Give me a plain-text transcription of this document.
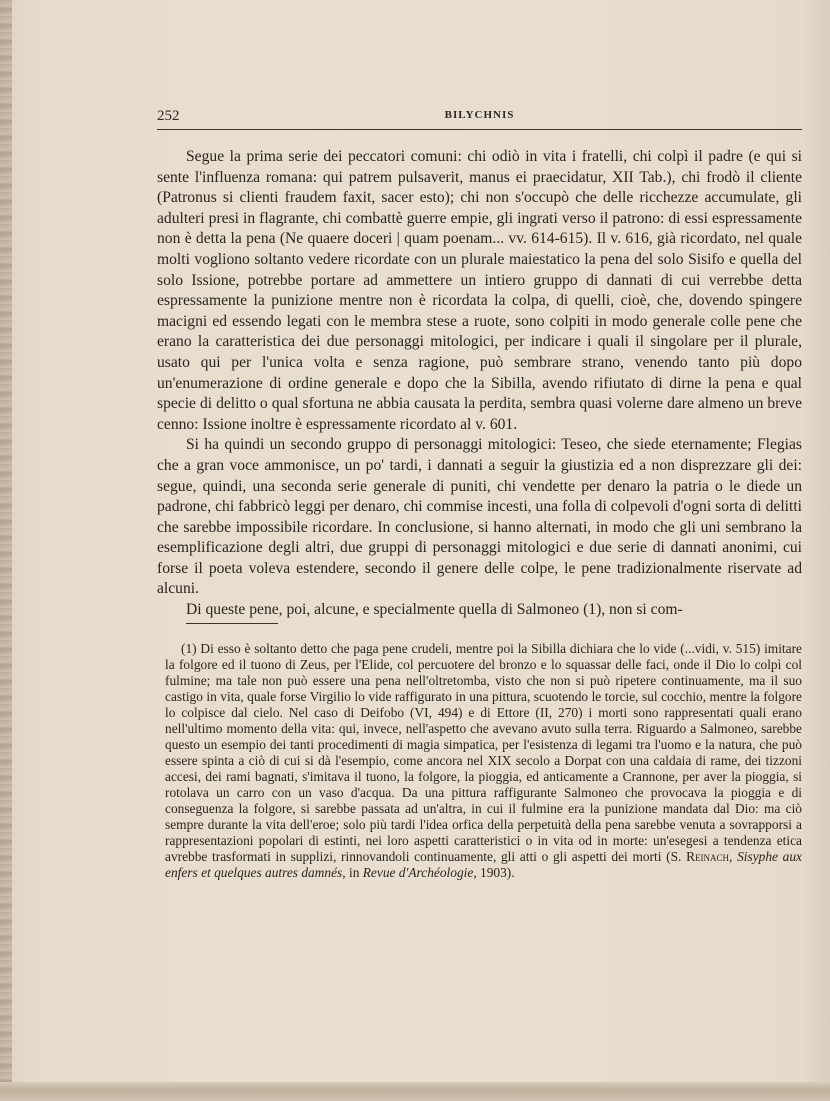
252	BILYCHNIS

Segue la prima serie dei peccatori comuni: chi odiò in vita i fratelli, chi colpì il padre (e qui si sente l'influenza romana: qui patrem pulsaverit, manus ei praecidatur, XII Tab.), chi frodò il cliente (Patronus si clienti fraudem faxit, sacer esto); chi non s'occupò che delle ricchezze accumulate, gli adulteri presi in flagrante, chi combattè guerre empie, gli ingrati verso il patrono: di essi espressamente non è detta la pena (Ne quaere doceri | quam poenam... vv. 614-615). Il v. 616, già ricordato, nel quale molti vogliono soltanto vedere ricordate con un plurale maiestatico la pena del solo Sisifo e quella del solo Issione, potrebbe portare ad ammettere un intiero gruppo di dannati di cui verrebbe detta espressamente la punizione mentre non è ricordata la colpa, di quelli, cioè, che, dovendo spingere macigni ed essendo legati con le membra stese a ruote, sono colpiti in modo generale colle pene che erano la caratteristica dei due personaggi mitologici, per indicare i quali il singolare per il plurale, usato qui per l'unica volta e senza ragione, può sembrare strano, venendo tanto più dopo un'enumerazione di ordine generale e dopo che la Sibilla, avendo rifiutato di dirne la pena e qual specie di delitto o qual sfortuna ne abbia causata la perdita, sembra quasi volerne dare almeno un breve cenno: Issione inoltre è espressamente ricordato al v. 601.

Si ha quindi un secondo gruppo di personaggi mitologici: Teseo, che siede eternamente; Flegias che a gran voce ammonisce, un po' tardi, i dannati a seguir la giustizia ed a non disprezzare gli dei: segue, quindi, una seconda serie generale di puniti, chi vendette per denaro la patria o le diede un padrone, chi fabbricò leggi per denaro, chi commise incesti, una folla di colpevoli d'ogni sorta di delitti che sarebbe impossibile ricordare. In conclusione, si hanno alternati, in modo che gli uni sembrano la esemplificazione degli altri, due gruppi di personaggi mitologici e due serie di dannati anonimi, cui forse il poeta voleva estendere, secondo il genere delle colpe, le pene tradizionalmente riservate ad alcuni.

Di queste pene, poi, alcune, e specialmente quella di Salmoneo (1), non si com-

(1) Di esso è soltanto detto che paga pene crudeli, mentre poi la Sibilla dichiara che lo vide (...vidi, v. 515) imitare la folgore ed il tuono di Zeus, per l'Elide, col percuotere del bronzo e lo squassar delle faci, onde il Dio lo colpì col fulmine; ma tale non può essere una pena nell'oltretomba, visto che non si può ripetere continuamente, ma il suo castigo in vita, quale forse Virgilio lo vide raffigurato in una pittura, scuotendo le torcie, sul cocchio, mentre la folgore lo colpisce dal cielo. Nel caso di Deifobo (VI, 494) e di Ettore (II, 270) i morti sono rappresentati quali erano nell'ultimo momento della vita: qui, invece, nell'aspetto che avevano avuto sulla terra. Riguardo a Salmoneo, sarebbe questo un esempio dei tanti procedimenti di magia simpatica, per l'esistenza di legami tra l'uomo e la natura, che può essere spinta a ciò di cui si dà l'esempio, come ancora nel XIX secolo a Dorpat con una caldaia di rame, dei tizzoni accesi, dei rami bagnati, s'imitava il tuono, la folgore, la pioggia, ed anticamente a Crannone, per aver la pioggia, si rotolava un carro con un vaso d'acqua. Da una pittura raffigurante Salmoneo che provocava la pioggia e di conseguenza la folgore, si sarebbe passata ad un'altra, in cui il fulmine era la punizione mandata dal Dio: ma ciò sempre durante la vita dell'eroe; solo più tardi l'idea orfica della perpetuità della pena sarebbe venuta a sovrapporsi a rappresentazioni popolari di estinti, nei loro aspetti caratteristici o in vita od in morte: un'esegesi a tendenza etica avrebbe trasformati in supplizi, rinnovandoli continuamente, gli atti o gli aspetti dei morti (S. Reinach, Sisyphe aux enfers et quelques autres damnés, in Revue d'Archéologie, 1903).
